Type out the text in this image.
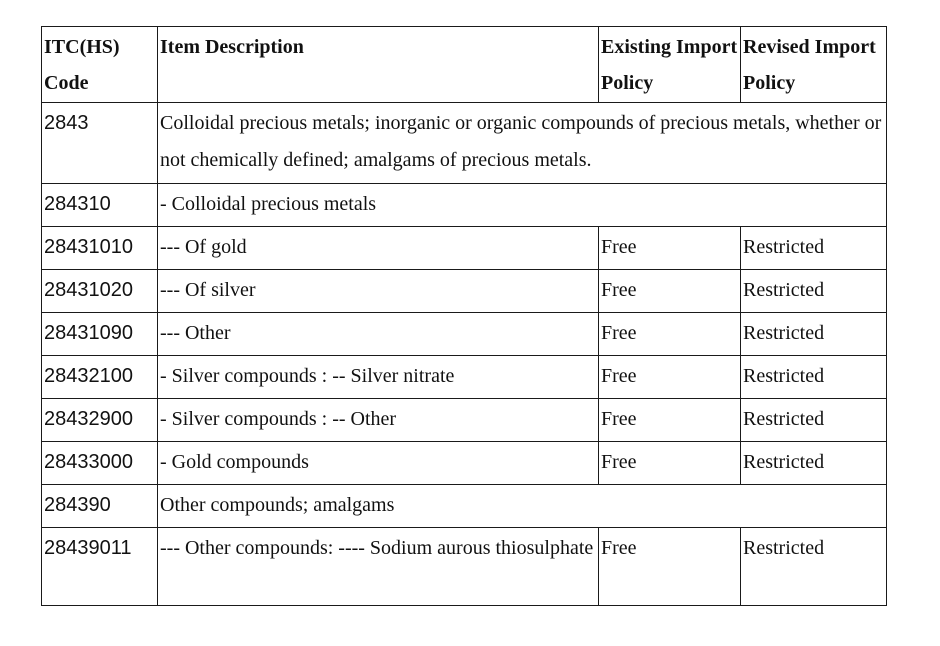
ITC(HS) Code	Item Description	Existing Import Policy	Revised Import Policy
2843	Colloidal precious metals; inorganic or organic compounds of precious metals, whether or not chemically defined; amalgams of precious metals.		
284310	- Colloidal precious metals		
28431010	--- Of gold	Free	Restricted
28431020	--- Of silver	Free	Restricted
28431090	--- Other	Free	Restricted
28432100	- Silver compounds : -- Silver nitrate	Free	Restricted
28432900	- Silver compounds : -- Other	Free	Restricted
28433000	- Gold compounds	Free	Restricted
284390	Other compounds; amalgams		
28439011	--- Other compounds: ---- Sodium aurous thiosulphate	Free	Restricted
